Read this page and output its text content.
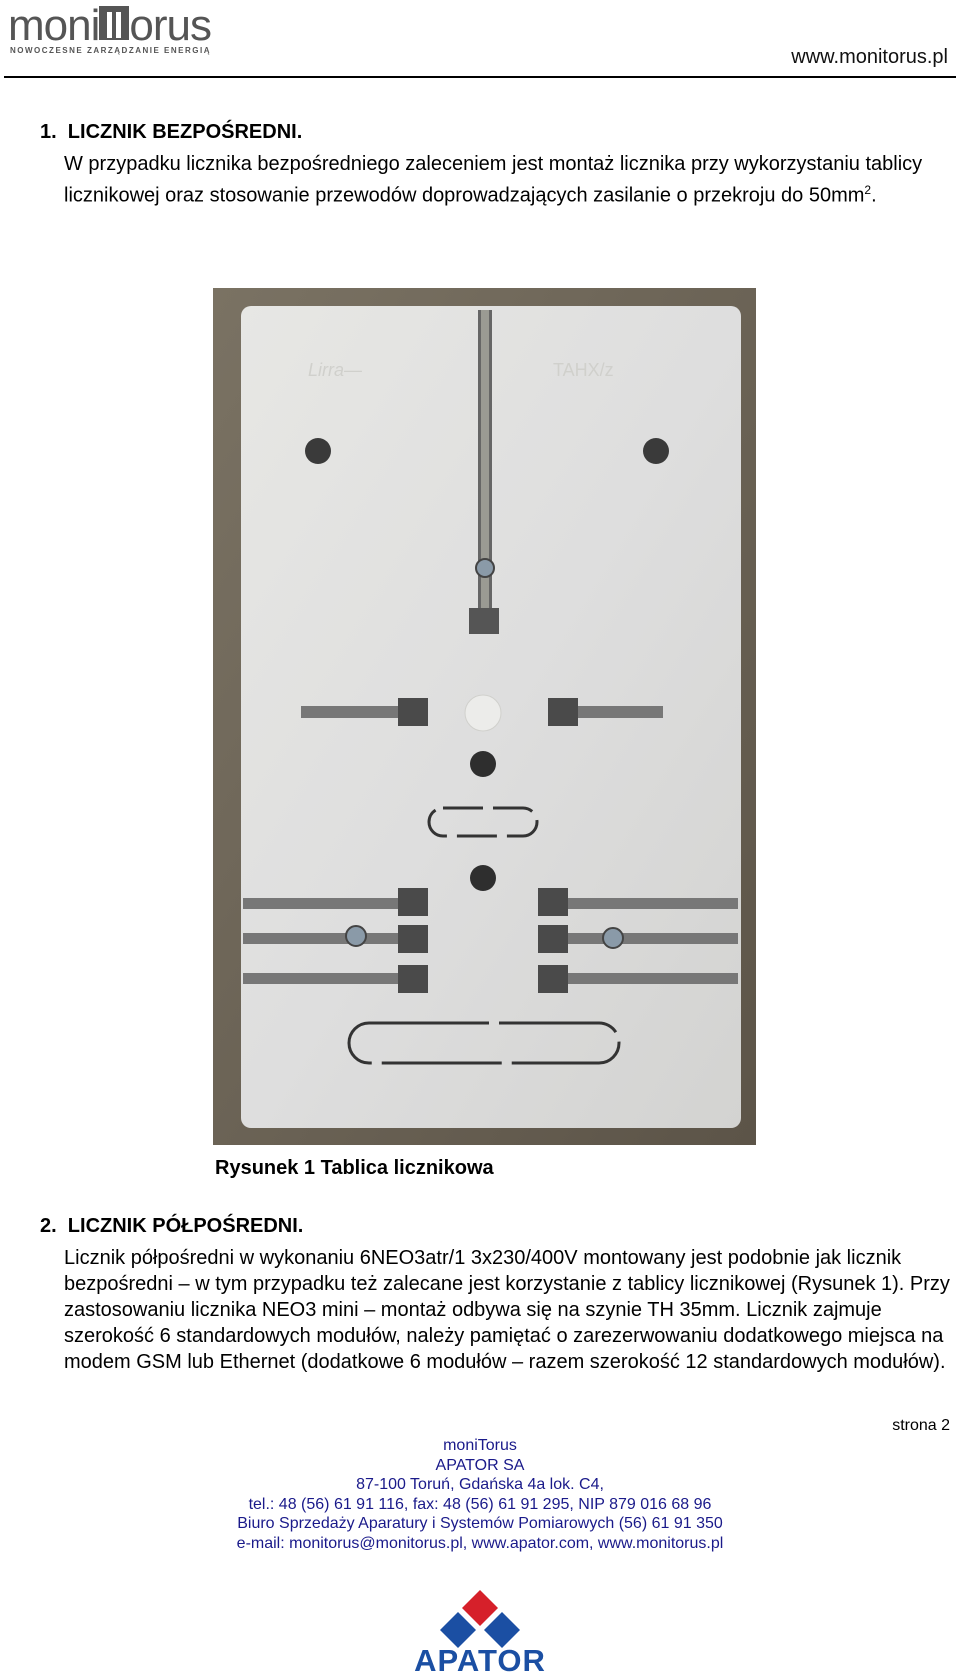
moni orus
NOWOCZESNE ZARZĄDZANIE ENERGIĄ	www.monitorus.pl
1.  LICZNIK BEZPOŚREDNI.
W przypadku licznika bezpośredniego zaleceniem jest montaż licznika przy wykorzystaniu tablicy licznikowej oraz stosowanie przewodów doprowadzających zasilanie o przekroju do $50mm^2$.
Lirra—	TAHX/z
Rysunek 1 Tablica licznikowa
2.  LICZNIK PÓŁPOŚREDNI.
Licznik półpośredni w wykonaniu 6NEO3atr/1 3x230/400V montowany jest podobnie jak licznik bezpośredni – w tym przypadku też zalecane jest korzystanie z tablicy licznikowej (Rysunek 1). Przy zastosowaniu licznika NEO3 mini – montaż odbywa się na szynie TH 35mm. Licznik zajmuje szerokość 6 standardowych modułów, należy pamiętać o zarezerwowaniu dodatkowego miejsca na modem GSM lub Ethernet (dodatkowe 6 modułów – razem szerokość 12 standardowych modułów).
strona 2
moniTorus
APATOR SA
87-100 Toruń, Gdańska 4a lok. C4,
tel.: 48 (56) 61 91 116, fax: 48 (56) 61 91 295, NIP 879 016 68 96
Biuro Sprzedaży Aparatury i Systemów Pomiarowych (56) 61 91 350
e-mail: monitorus@monitorus.pl, www.apator.com, www.monitorus.pl
APATOR
